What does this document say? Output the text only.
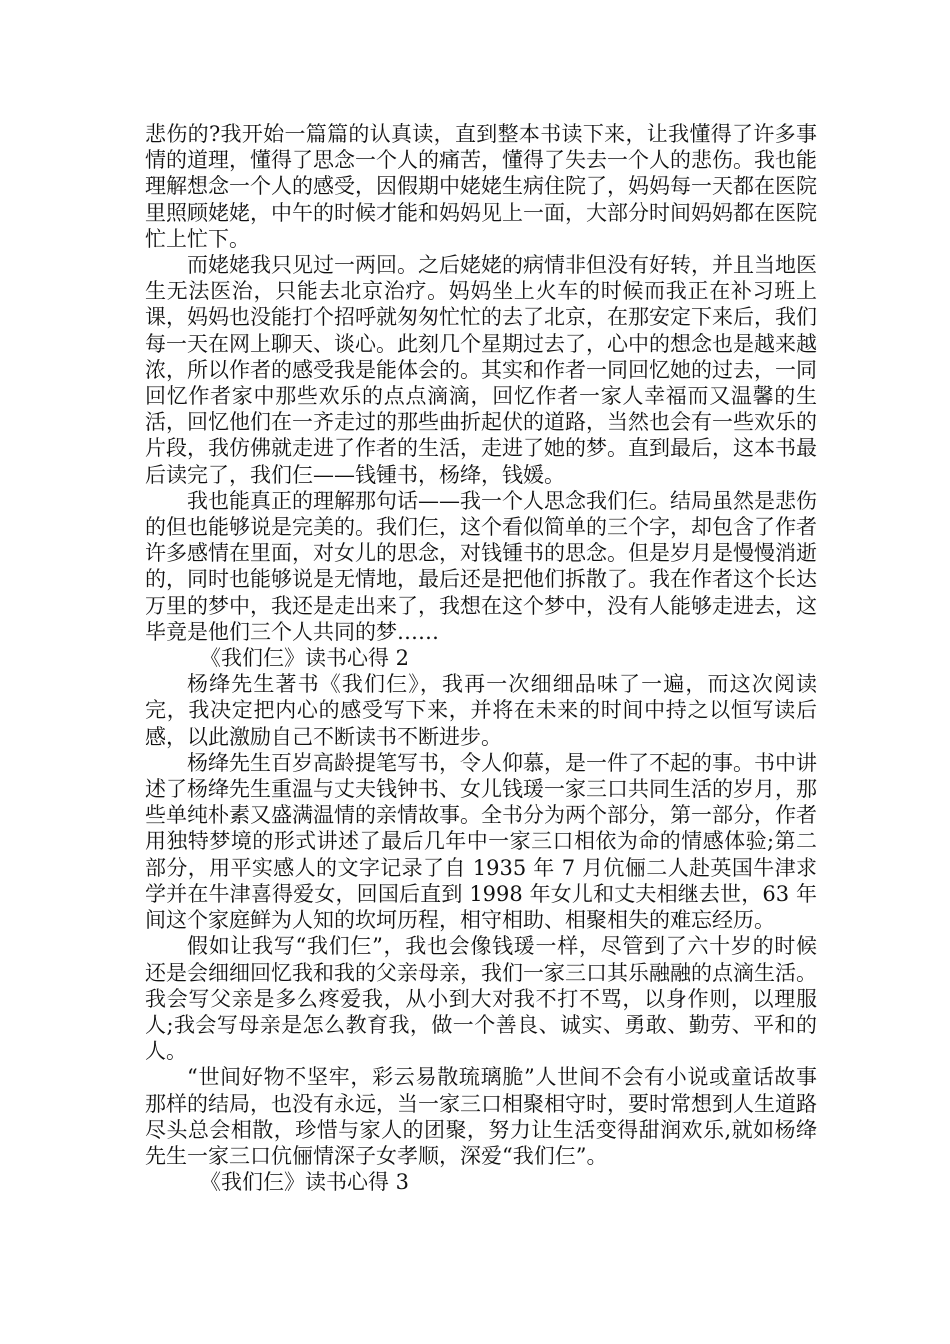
悲伤的?我开始一篇篇的认真读，直到整本书读下来，让我懂得了许多事情的道理，懂得了思念一个人的痛苦，懂得了失去一个人的悲伤。我也能理解想念一个人的感受，因假期中姥姥生病住院了，妈妈每一天都在医院里照顾姥姥，中午的时候才能和妈妈见上一面，大部分时间妈妈都在医院忙上忙下。

而姥姥我只见过一两回。之后姥姥的病情非但没有好转，并且当地医生无法医治，只能去北京治疗。妈妈坐上火车的时候而我正在补习班上课，妈妈也没能打个招呼就匆匆忙忙的去了北京，在那安定下来后，我们每一天在网上聊天、谈心。此刻几个星期过去了，心中的想念也是越来越浓，所以作者的感受我是能体会的。其实和作者一同回忆她的过去，一同回忆作者家中那些欢乐的点点滴滴，回忆作者一家人幸福而又温馨的生活，回忆他们在一齐走过的那些曲折起伏的道路，当然也会有一些欢乐的片段，我仿佛就走进了作者的生活，走进了她的梦。直到最后，这本书最后读完了，我们仨——钱锺书，杨绛，钱媛。

我也能真正的理解那句话——我一个人思念我们仨。结局虽然是悲伤的但也能够说是完美的。我们仨，这个看似简单的三个字，却包含了作者许多感情在里面，对女儿的思念，对钱锺书的思念。但是岁月是慢慢消逝的，同时也能够说是无情地，最后还是把他们拆散了。我在作者这个长达万里的梦中，我还是走出来了，我想在这个梦中，没有人能够走进去，这毕竟是他们三个人共同的梦……

《我们仨》读书心得 2

杨绛先生著书《我们仨》，我再一次细细品味了一遍，而这次阅读完，我决定把内心的感受写下来，并将在未来的时间中持之以恒写读后感，以此激励自己不断读书不断进步。

杨绛先生百岁高龄提笔写书，令人仰慕，是一件了不起的事。书中讲述了杨绛先生重温与丈夫钱钟书、女儿钱瑗一家三口共同生活的岁月，那些单纯朴素又盛满温情的亲情故事。全书分为两个部分，第一部分，作者用独特梦境的形式讲述了最后几年中一家三口相依为命的情感体验;第二部分，用平实感人的文字记录了自 1935 年 7 月伉俪二人赴英国牛津求学并在牛津喜得爱女，回国后直到 1998 年女儿和丈夫相继去世，63 年间这个家庭鲜为人知的坎坷历程，相守相助、相聚相失的难忘经历。

假如让我写“我们仨”，我也会像钱瑗一样，尽管到了六十岁的时候还是会细细回忆我和我的父亲母亲，我们一家三口其乐融融的点滴生活。我会写父亲是多么疼爱我，从小到大对我不打不骂，以身作则，以理服人;我会写母亲是怎么教育我，做一个善良、诚实、勇敢、勤劳、平和的人。

“世间好物不坚牢，彩云易散琉璃脆”人世间不会有小说或童话故事那样的结局，也没有永远，当一家三口相聚相守时，要时常想到人生道路尽头总会相散，珍惜与家人的团聚，努力让生活变得甜润欢乐,就如杨绛先生一家三口伉俪情深子女孝顺，深爱“我们仨”。

《我们仨》读书心得 3
